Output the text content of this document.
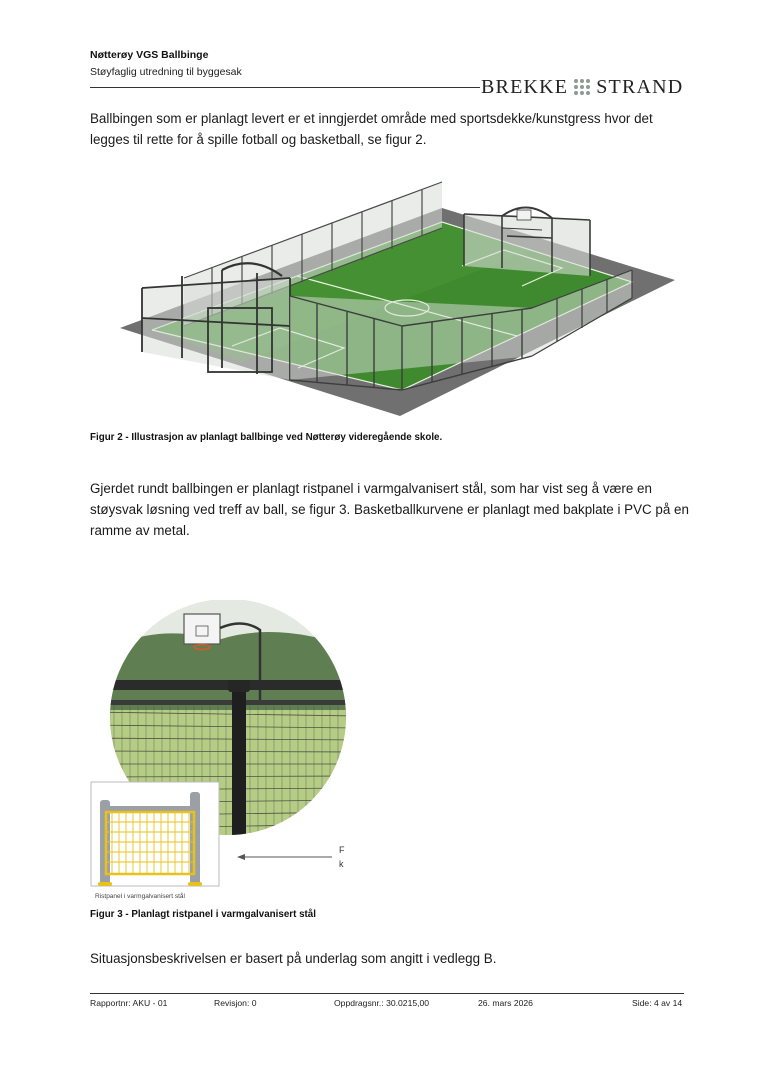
Nøtterøy VGS Ballbinge
Støyfaglig utredning til byggesak
BREKKE STRAND

Ballbingen som er planlagt levert er et inngjerdet område med sportsdekke/kunstgress hvor det legges til rette for å spille fotball og basketball, se figur 2.

Figur 2 - Illustrasjon av planlagt ballbinge ved Nøtterøy videregående skole.

Gjerdet rundt ballbingen er planlagt ristpanel i varmgalvanisert stål, som har vist seg å være en støysvak løsning ved treff av ball, se figur 3. Basketballkurvene er planlagt med bakplate i PVC på en ramme av metal.

Ristpanel i varmgalvanisert stål
F
k
Figur 3 - Planlagt ristpanel i varmgalvanisert stål

Situasjonsbeskrivelsen er basert på underlag som angitt i vedlegg B.

Rapportnr: AKU - 01	Revisjon: 0	Oppdragsnr.: 30.0215,00	26. mars 2026	Side: 4 av 14
